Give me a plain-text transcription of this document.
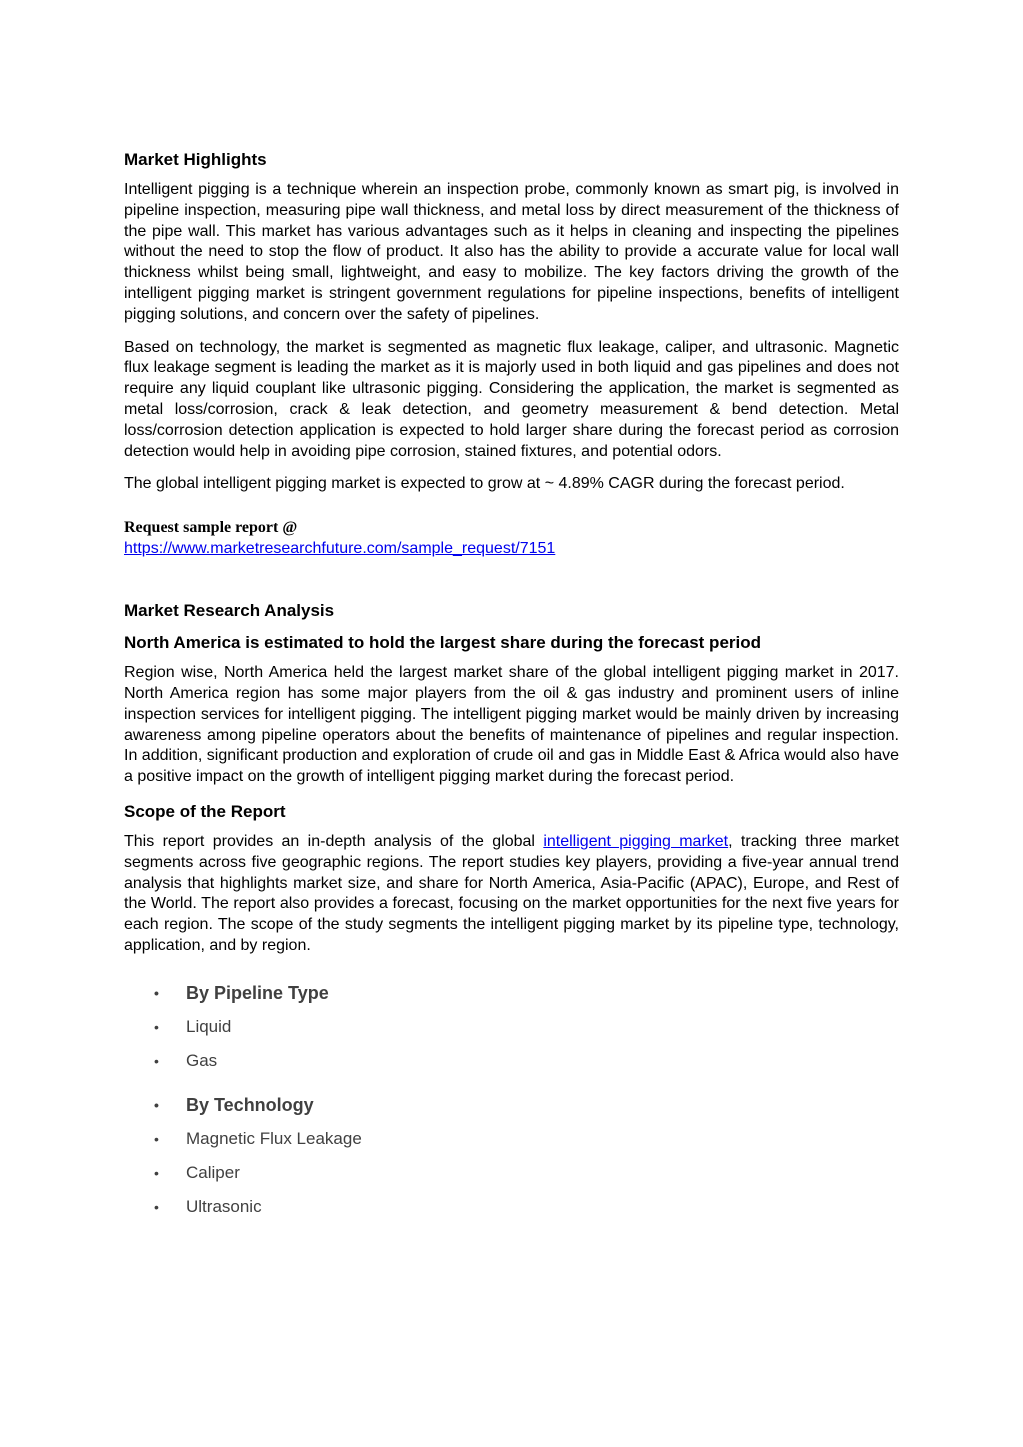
Market Highlights

Intelligent pigging is a technique wherein an inspection probe, commonly known as smart pig, is involved in pipeline inspection, measuring pipe wall thickness, and metal loss by direct measurement of the thickness of the pipe wall. This market has various advantages such as it helps in cleaning and inspecting the pipelines without the need to stop the flow of product. It also has the ability to provide a accurate value for local wall thickness whilst being small, lightweight, and easy to mobilize. The key factors driving the growth of the intelligent pigging market is stringent government regulations for pipeline inspections, benefits of intelligent pigging solutions, and concern over the safety of pipelines.

Based on technology, the market is segmented as magnetic flux leakage, caliper, and ultrasonic. Magnetic flux leakage segment is leading the market as it is majorly used in both liquid and gas pipelines and does not require any liquid couplant like ultrasonic pigging. Considering the application, the market is segmented as metal loss/corrosion, crack & leak detection, and geometry measurement & bend detection. Metal loss/corrosion detection application is expected to hold larger share during the forecast period as corrosion detection would help in avoiding pipe corrosion, stained fixtures, and potential odors.

The global intelligent pigging market is expected to grow at ~ 4.89% CAGR during the forecast period.

Request sample report @
https://www.marketresearchfuture.com/sample_request/7151
Market Research Analysis
North America is estimated to hold the largest share during the forecast period

Region wise, North America held the largest market share of the global intelligent pigging market in 2017. North America region has some major players from the oil & gas industry and prominent users of inline inspection services for intelligent pigging. The intelligent pigging market would be mainly driven by increasing awareness among pipeline operators about the benefits of maintenance of pipelines and regular inspection. In addition, significant production and exploration of crude oil and gas in Middle East & Africa would also have a positive impact on the growth of intelligent pigging market during the forecast period.

Scope of the Report

This report provides an in-depth analysis of the global intelligent pigging market, tracking three market segments across five geographic regions. The report studies key players, providing a five-year annual trend analysis that highlights market size, and share for North America, Asia-Pacific (APAC), Europe, and Rest of the World. The report also provides a forecast, focusing on the market opportunities for the next five years for each region. The scope of the study segments the intelligent pigging market by its pipeline type, technology, application, and by region.

• By Pipeline Type
• Liquid
• Gas
• By Technology
• Magnetic Flux Leakage
• Caliper
• Ultrasonic
